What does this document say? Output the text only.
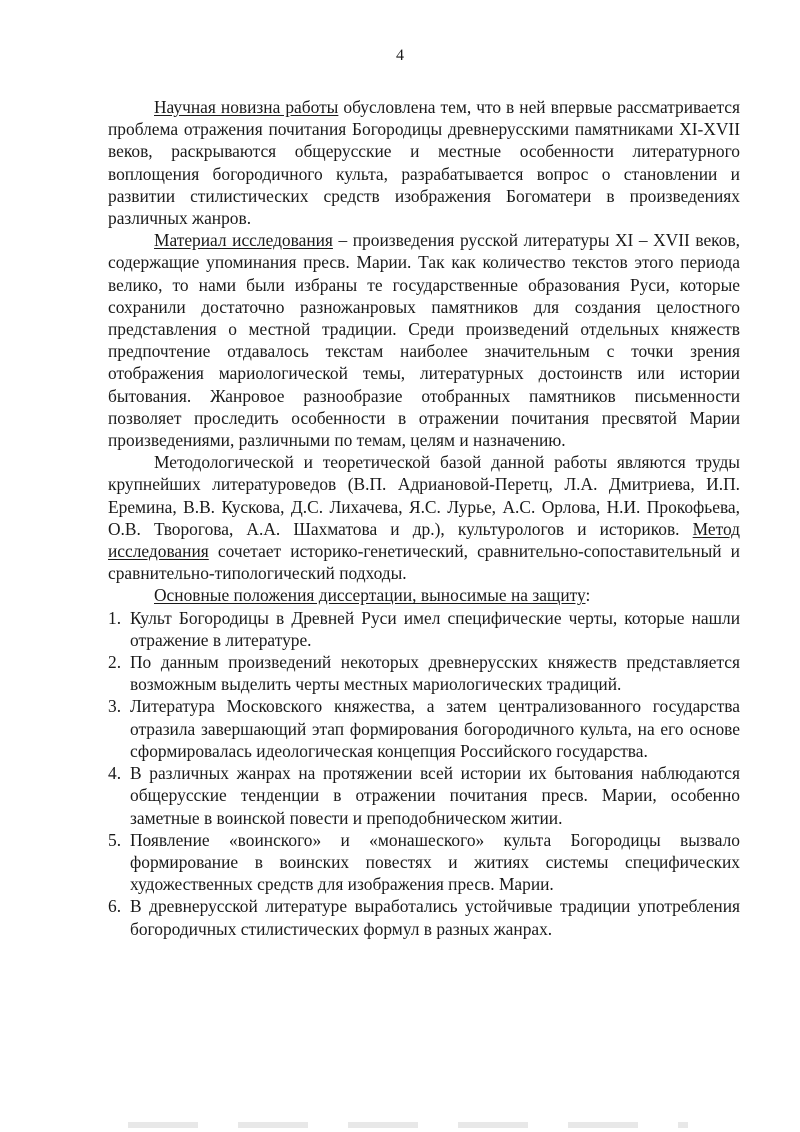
4

Научная новизна работы обусловлена тем, что в ней впервые рассматривается проблема отражения почитания Богородицы древнерусскими памятниками XI-XVII веков, раскрываются общерусские и местные особенности литературного воплощения богородичного культа, разрабатывается вопрос о становлении и развитии стилистических средств изображения Богоматери в произведениях различных жанров.

Материал исследования – произведения русской литературы XI – XVII веков, содержащие упоминания пресв. Марии. Так как количество текстов этого периода велико, то нами были избраны те государственные образования Руси, которые сохранили достаточно разножанровых памятников для создания целостного представления о местной традиции. Среди произведений отдельных княжеств предпочтение отдавалось текстам наиболее значительным с точки зрения отображения мариологической темы, литературных достоинств или истории бытования. Жанровое разнообразие отобранных памятников письменности позволяет проследить особенности в отражении почитания пресвятой Марии произведениями, различными по темам, целям и назначению.

Методологической и теоретической базой данной работы являются труды крупнейших литературоведов (В.П. Адриановой-Перетц, Л.А. Дмитриева, И.П. Еремина, В.В. Кускова, Д.С. Лихачева, Я.С. Лурье, А.С. Орлова, Н.И. Прокофьева, О.В. Творогова, А.А. Шахматова и др.), культурологов и историков. Метод исследования сочетает историко-генетический, сравнительно-сопоставительный и сравнительно-типологический подходы.

Основные положения диссертации, выносимые на защиту:

1. Культ Богородицы в Древней Руси имел специфические черты, которые нашли отражение в литературе.
2. По данным произведений некоторых древнерусских княжеств представляется возможным выделить черты местных мариологических традиций.
3. Литература Московского княжества, а затем централизованного государства отразила завершающий этап формирования богородичного культа, на его основе сформировалась идеологическая концепция Российского государства.
4. В различных жанрах на протяжении всей истории их бытования наблюдаются общерусские тенденции в отражении почитания пресв. Марии, особенно заметные в воинской повести и преподобническом житии.
5. Появление «воинского» и «монашеского» культа Богородицы вызвало формирование в воинских повестях и житиях системы специфических художественных средств для изображения пресв. Марии.
6. В древнерусской литературе выработались устойчивые традиции употребления богородичных стилистических формул в разных жанрах.
